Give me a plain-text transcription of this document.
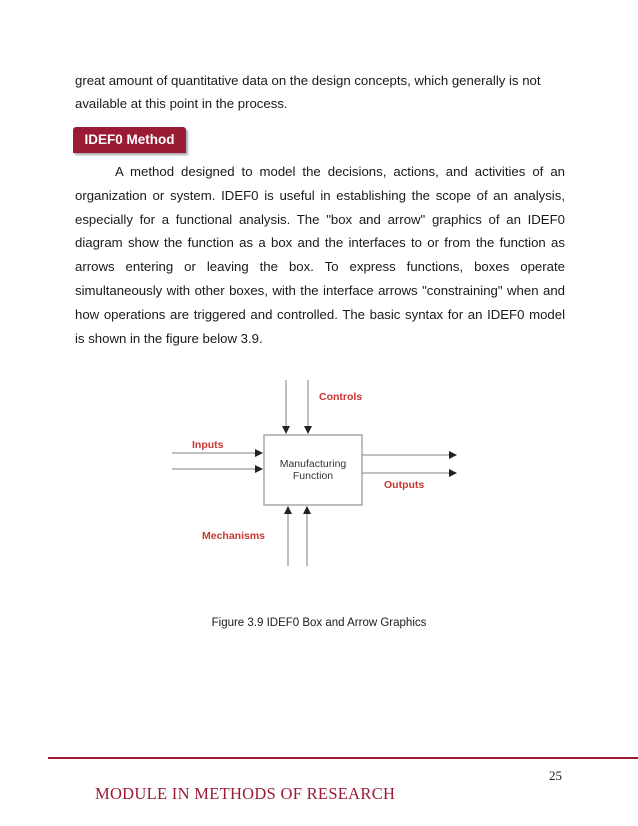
great amount of quantitative data on the design concepts, which generally is not available at this point in the process.

IDEF0 Method

A method designed to model the decisions, actions, and activities of an organization or system. IDEF0 is useful in establishing the scope of an analysis, especially for a functional analysis. The "box and arrow" graphics of an IDEF0 diagram show the function as a box and the interfaces to or from the function as arrows entering or leaving the box. To express functions, boxes operate simultaneously with other boxes, with the interface arrows "constraining" when and how operations are triggered and controlled. The basic syntax for an IDEF0 model is shown in the figure below 3.9.

Manufacturing
Function
Controls
Inputs
Outputs
Mechanisms
Figure 3.9 IDEF0 Box and Arrow Graphics
25
MODULE IN METHODS OF RESEARCH
